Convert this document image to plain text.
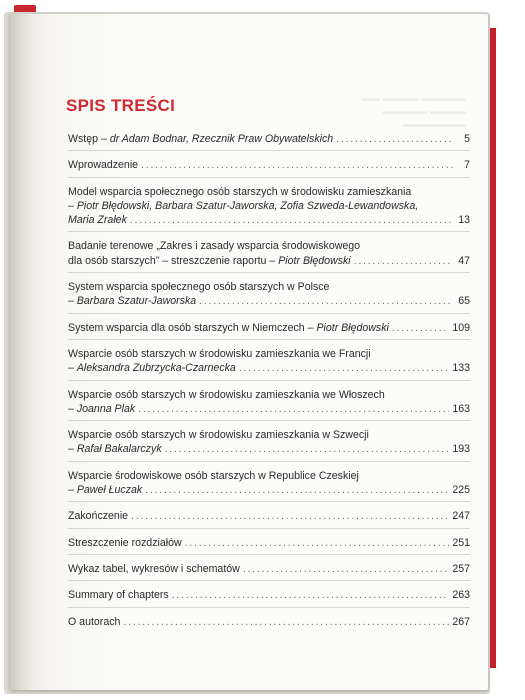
▬▬ ▬▬▬▬ ▬▬▬▬▬
▬▬▬▬▬ ▬▬▬▬ ▬▬▬▬▬▬▬
SPIS TREŚCI
Wstęp – dr Adam Bodnar, Rzecznik Praw Obywatelskich . . .	5
Wprowadzenie . . .	7
Model wsparcia społecznego osób starszych w środowisku zamieszkania
– Piotr Błędowski, Barbara Szatur-Jaworska, Zofia Szweda-Lewandowska,
Maria Zrałek . . .	13
Badanie terenowe „Zakres i zasady wsparcia środowiskowego
dla osób starszych” – streszczenie raportu – Piotr Błędowski . . .	47
System wsparcia społecznego osób starszych w Polsce
– Barbara Szatur-Jaworska . . .	65
System wsparcia dla osób starszych w Niemczech – Piotr Błędowski . . .	109
Wsparcie osób starszych w środowisku zamieszkania we Francji
– Aleksandra Zubrzycka-Czarnecka . . .	133
Wsparcie osób starszych w środowisku zamieszkania we Włoszech
– Joanna Plak . . .	163
Wsparcie osób starszych w środowisku zamieszkania w Szwecji
– Rafał Bakalarczyk . . .	193
Wsparcie środowiskowe osób starszych w Republice Czeskiej
– Paweł Łuczak . . .	225
Zakończenie . . .	247
Streszczenie rozdziałów . . .	251
Wykaz tabel, wykresów i schematów . . .	257
Summary of chapters . . .	263
O autorach . . .	267
